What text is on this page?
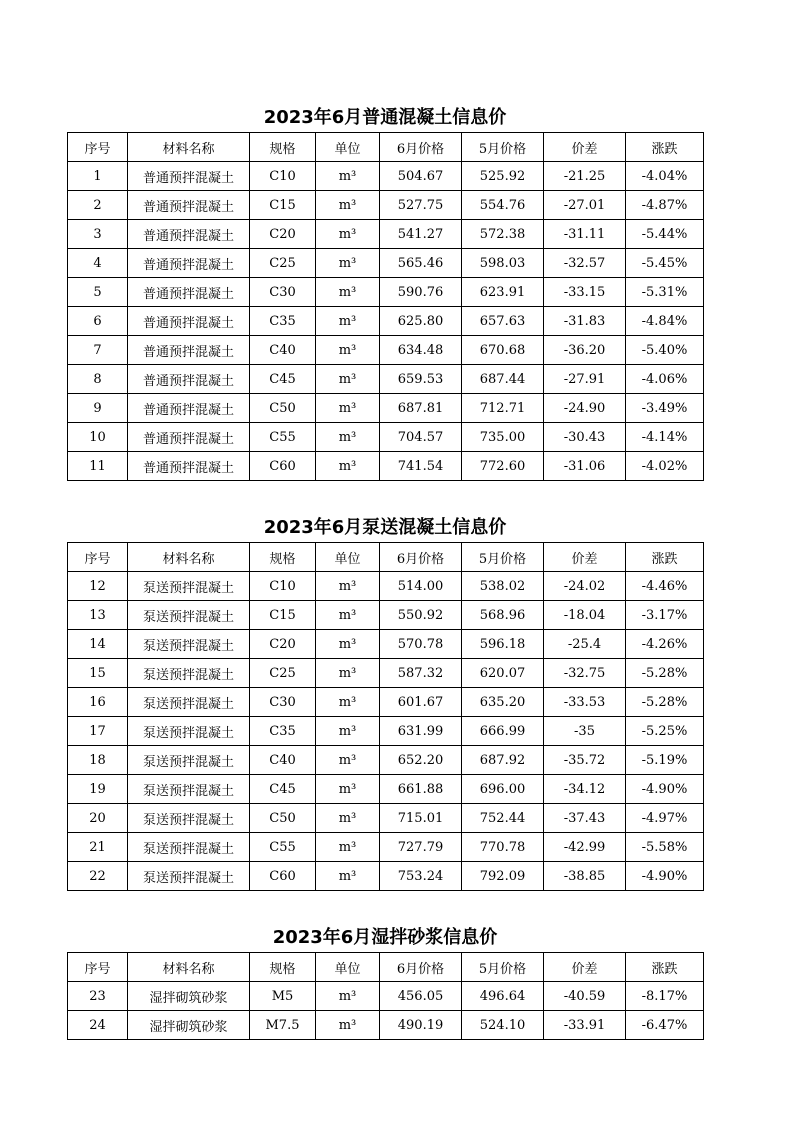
2023年6月普通混凝土信息价
序号	材料名称	规格	单位	6月价格	5月价格	价差	涨跌
1	普通预拌混凝土	C10	m³	504.67	525.92	-21.25	-4.04%
2	普通预拌混凝土	C15	m³	527.75	554.76	-27.01	-4.87%
3	普通预拌混凝土	C20	m³	541.27	572.38	-31.11	-5.44%
4	普通预拌混凝土	C25	m³	565.46	598.03	-32.57	-5.45%
5	普通预拌混凝土	C30	m³	590.76	623.91	-33.15	-5.31%
6	普通预拌混凝土	C35	m³	625.80	657.63	-31.83	-4.84%
7	普通预拌混凝土	C40	m³	634.48	670.68	-36.20	-5.40%
8	普通预拌混凝土	C45	m³	659.53	687.44	-27.91	-4.06%
9	普通预拌混凝土	C50	m³	687.81	712.71	-24.90	-3.49%
10	普通预拌混凝土	C55	m³	704.57	735.00	-30.43	-4.14%
11	普通预拌混凝土	C60	m³	741.54	772.60	-31.06	-4.02%
2023年6月泵送混凝土信息价
序号	材料名称	规格	单位	6月价格	5月价格	价差	涨跌
12	泵送预拌混凝土	C10	m³	514.00	538.02	-24.02	-4.46%
13	泵送预拌混凝土	C15	m³	550.92	568.96	-18.04	-3.17%
14	泵送预拌混凝土	C20	m³	570.78	596.18	-25.4	-4.26%
15	泵送预拌混凝土	C25	m³	587.32	620.07	-32.75	-5.28%
16	泵送预拌混凝土	C30	m³	601.67	635.20	-33.53	-5.28%
17	泵送预拌混凝土	C35	m³	631.99	666.99	-35	-5.25%
18	泵送预拌混凝土	C40	m³	652.20	687.92	-35.72	-5.19%
19	泵送预拌混凝土	C45	m³	661.88	696.00	-34.12	-4.90%
20	泵送预拌混凝土	C50	m³	715.01	752.44	-37.43	-4.97%
21	泵送预拌混凝土	C55	m³	727.79	770.78	-42.99	-5.58%
22	泵送预拌混凝土	C60	m³	753.24	792.09	-38.85	-4.90%
2023年6月湿拌砂浆信息价
序号	材料名称	规格	单位	6月价格	5月价格	价差	涨跌
23	湿拌砌筑砂浆	M5	m³	456.05	496.64	-40.59	-8.17%
24	湿拌砌筑砂浆	M7.5	m³	490.19	524.10	-33.91	-6.47%
